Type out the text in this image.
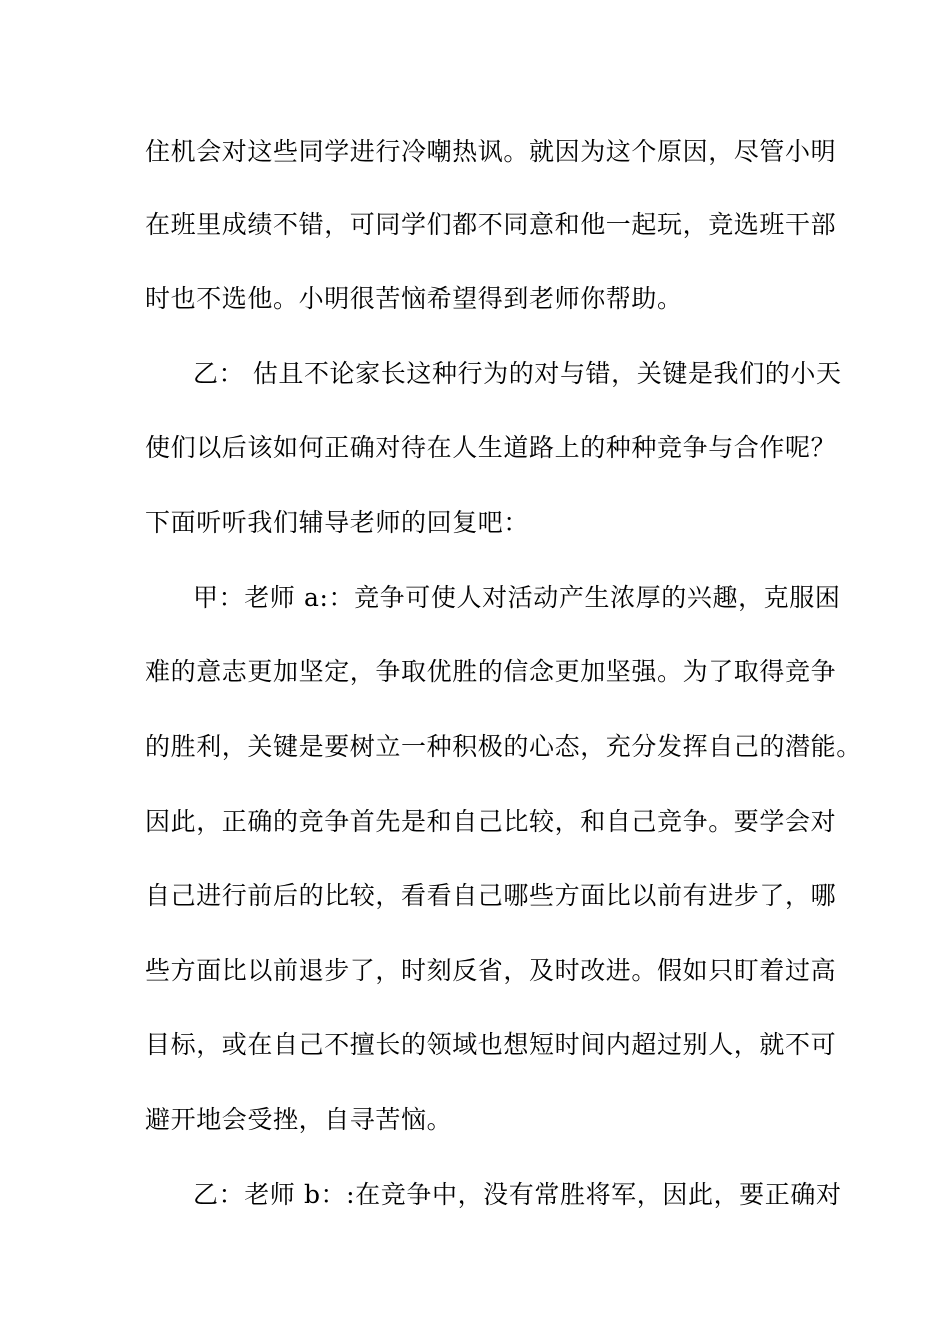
住机会对这些同学进行冷嘲热讽。就因为这个原因，尽管小明
在班里成绩不错，可同学们都不同意和他一起玩，竞选班干部
时也不选他。小明很苦恼希望得到老师你帮助。
乙： 估且不论家长这种行为的对与错，关键是我们的小天
使们以后该如何正确对待在人生道路上的种种竞争与合作呢？
下面听听我们辅导老师的回复吧：
甲：老师 a:：竞争可使人对活动产生浓厚的兴趣，克服困
难的意志更加坚定，争取优胜的信念更加坚强。为了取得竞争
的胜利，关键是要树立一种积极的心态，充分发挥自己的潜能。
因此，正确的竞争首先是和自己比较，和自己竞争。要学会对
自己进行前后的比较，看看自己哪些方面比以前有进步了，哪
些方面比以前退步了，时刻反省，及时改进。假如只盯着过高
目标，或在自己不擅长的领域也想短时间内超过别人，就不可
避开地会受挫，自寻苦恼。
乙：老师 b：:在竞争中，没有常胜将军，因此，要正确对
